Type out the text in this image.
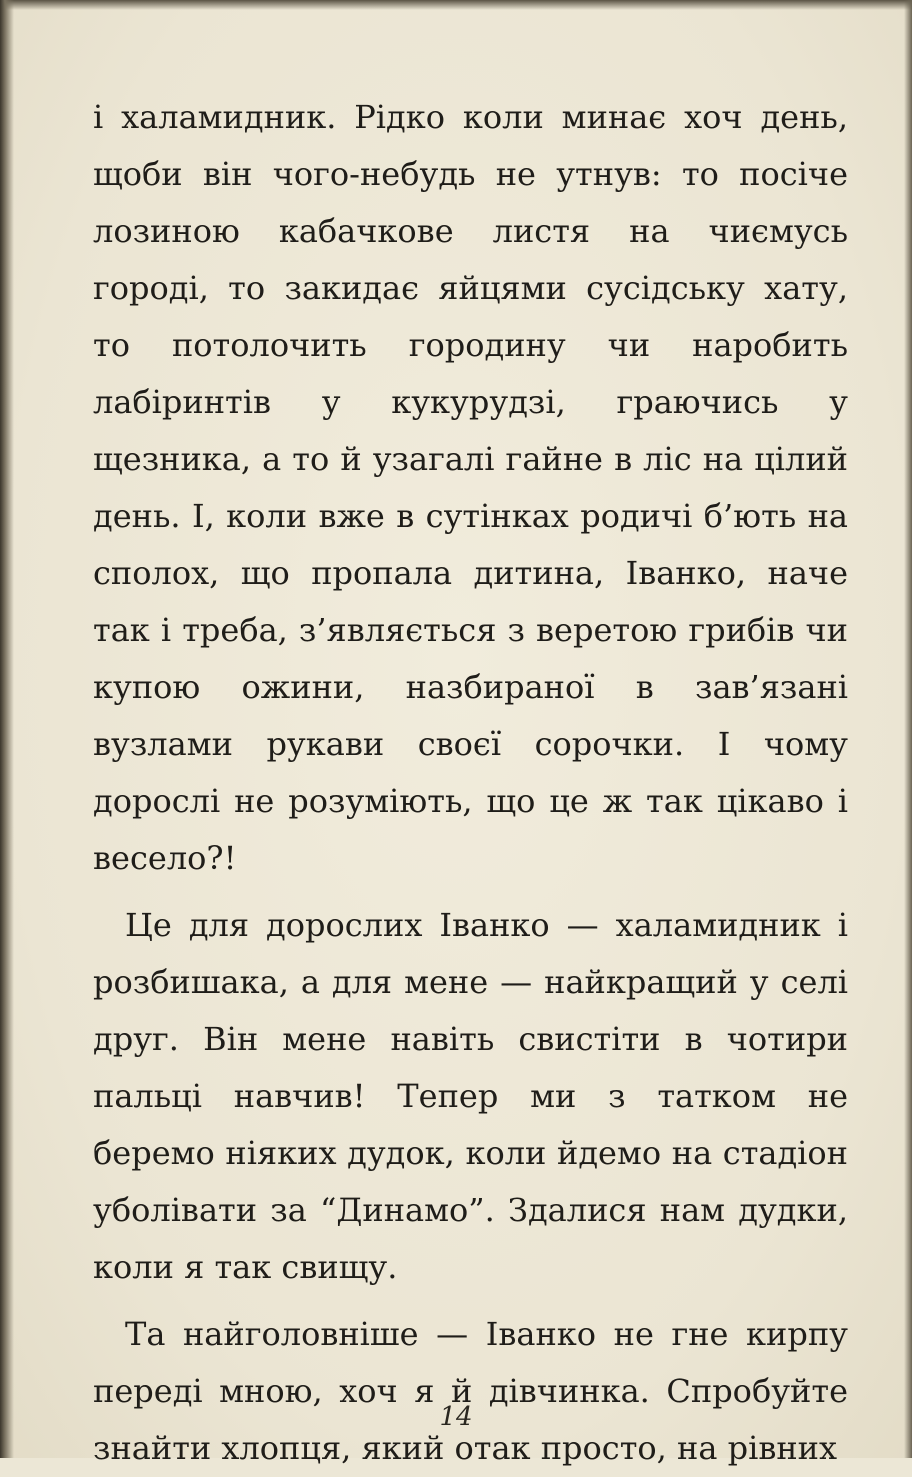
і халамидник. Рідко коли минає хоч день, щоби він чого-небудь не утнув: то посіче лозиною кабачкове листя на чиємусь городі, то закидає яйцями сусідську хату, то потолочить городину чи наробить лабіринтів у кукурудзі, граючись у щезника, а то й узагалі гайне в ліс на цілий день. І, коли вже в сутінках родичі б’ють на сполох, що пропала дитина, Іванко, наче так і треба, з’являється з веретою грибів чи купою ожини, назбираної в зав’язані вузлами рукави своєї сорочки. І чому дорослі не розуміють, що це ж так цікаво і весело?!

Це для дорослих Іванко — халамидник і розбишака, а для мене — найкращий у селі друг. Він мене навіть свистіти в чотири пальці навчив! Тепер ми з татком не беремо ніяких дудок, коли йдемо на стадіон уболівати за “Динамо”. Здалися нам дудки, коли я так свищу.

Та найголовніше — Іванко не гне кирпу переді мною, хоч я й дівчинка. Спробуйте знайти хлопця, який отак просто, на рівних

14
